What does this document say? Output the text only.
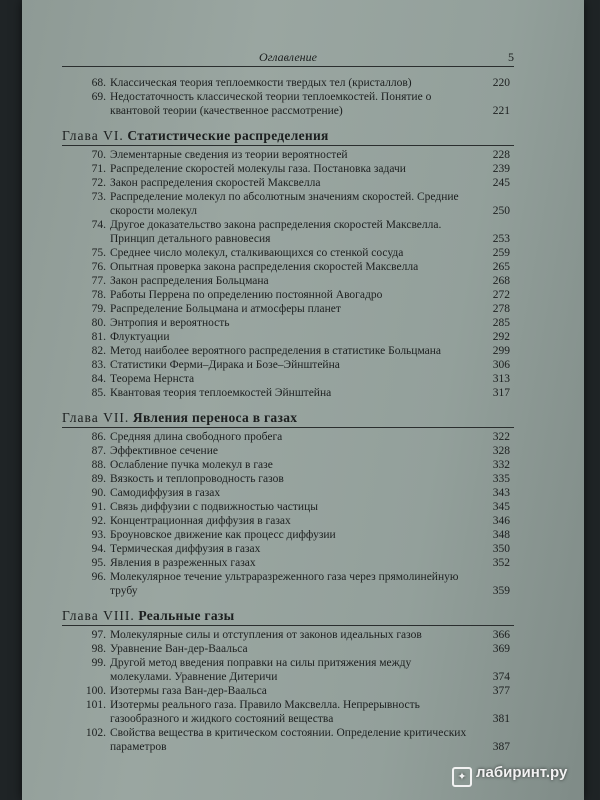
Оглавление	5
68. Классическая теория теплоемкости твердых тел (кристаллов)	220
69. Недостаточность классической теории теплоемкостей. Понятие о квантовой теории (качественное рассмотрение)	221
Глава VI. Статистические распределения
70. Элементарные сведения из теории вероятностей	228
71. Распределение скоростей молекулы газа. Постановка задачи	239
72. Закон распределения скоростей Максвелла	245
73. Распределение молекул по абсолютным значениям скоростей. Средние скорости молекул	250
74. Другое доказательство закона распределения скоростей Максвелла. Принцип детального равновесия	253
75. Среднее число молекул, сталкивающихся со стенкой сосуда	259
76. Опытная проверка закона распределения скоростей Максвелла	265
77. Закон распределения Больцмана	268
78. Работы Перрена по определению постоянной Авогадро	272
79. Распределение Больцмана и атмосферы планет	278
80. Энтропия и вероятность	285
81. Флуктуации	292
82. Метод наиболее вероятного распределения в статистике Больцмана	299
83. Статистики Ферми–Дирака и Бозе–Эйнштейна	306
84. Теорема Нернста	313
85. Квантовая теория теплоемкостей Эйнштейна	317
Глава VII. Явления переноса в газах
86. Средняя длина свободного пробега	322
87. Эффективное сечение	328
88. Ослабление пучка молекул в газе	332
89. Вязкость и теплопроводность газов	335
90. Самодиффузия в газах	343
91. Связь диффузии с подвижностью частицы	345
92. Концентрационная диффузия в газах	346
93. Броуновское движение как процесс диффузии	348
94. Термическая диффузия в газах	350
95. Явления в разреженных газах	352
96. Молекулярное течение ультраразреженного газа через прямолинейную трубу	359
Глава VIII. Реальные газы
97. Молекулярные силы и отступления от законов идеальных газов	366
98. Уравнение Ван-дер-Ваальса	369
99. Другой метод введения поправки на силы притяжения между молекулами. Уравнение Дитеричи	374
100. Изотермы газа Ван-дер-Ваальса	377
101. Изотермы реального газа. Правило Максвелла. Непрерывность газообразного и жидкого состояний вещества	381
102. Свойства вещества в критическом состоянии. Определение критических параметров	387
✦ лабиринт.ру
